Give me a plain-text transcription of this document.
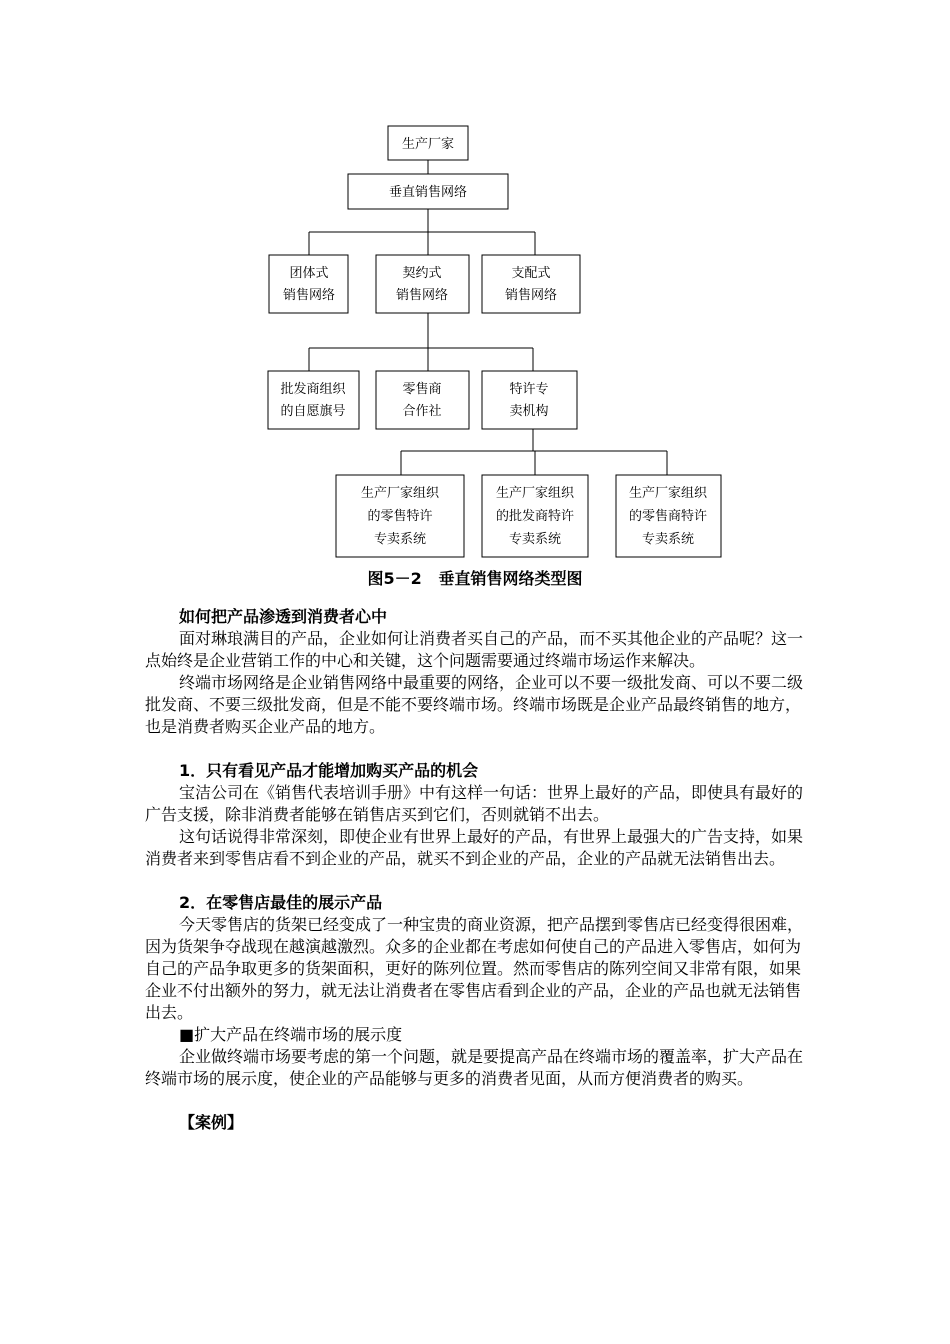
生产厂家
垂直销售网络
团体式
销售网络
契约式
销售网络
支配式
销售网络
批发商组织
的自愿旗号
零售商
合作社
特许专
卖机构
生产厂家组织
的零售特许
专卖系统
生产厂家组织
的批发商特许
专卖系统
生产厂家组织
的零售商特许
专卖系统
图5－2 垂直销售网络类型图
如何把产品渗透到消费者心中

面对琳琅满目的产品，企业如何让消费者买自己的产品，而不买其他企业的产品呢？这一点始终是企业营销工作的中心和关键，这个问题需要通过终端市场运作来解决。

终端市场网络是企业销售网络中最重要的网络，企业可以不要一级批发商、可以不要二级批发商、不要三级批发商，但是不能不要终端市场。终端市场既是企业产品最终销售的地方，也是消费者购买企业产品的地方。

1．只有看见产品才能增加购买产品的机会

宝洁公司在《销售代表培训手册》中有这样一句话：世界上最好的产品，即使具有最好的广告支援，除非消费者能够在销售店买到它们，否则就销不出去。

这句话说得非常深刻，即使企业有世界上最好的产品，有世界上最强大的广告支持，如果消费者来到零售店看不到企业的产品，就买不到企业的产品，企业的产品就无法销售出去。

2．在零售店最佳的展示产品

今天零售店的货架已经变成了一种宝贵的商业资源，把产品摆到零售店已经变得很困难，因为货架争夺战现在越演越激烈。众多的企业都在考虑如何使自己的产品进入零售店，如何为自己的产品争取更多的货架面积，更好的陈列位置。然而零售店的陈列空间又非常有限，如果企业不付出额外的努力，就无法让消费者在零售店看到企业的产品，企业的产品也就无法销售出去。

■扩大产品在终端市场的展示度

企业做终端市场要考虑的第一个问题，就是要提高产品在终端市场的覆盖率，扩大产品在终端市场的展示度，使企业的产品能够与更多的消费者见面，从而方便消费者的购买。

【案例】
